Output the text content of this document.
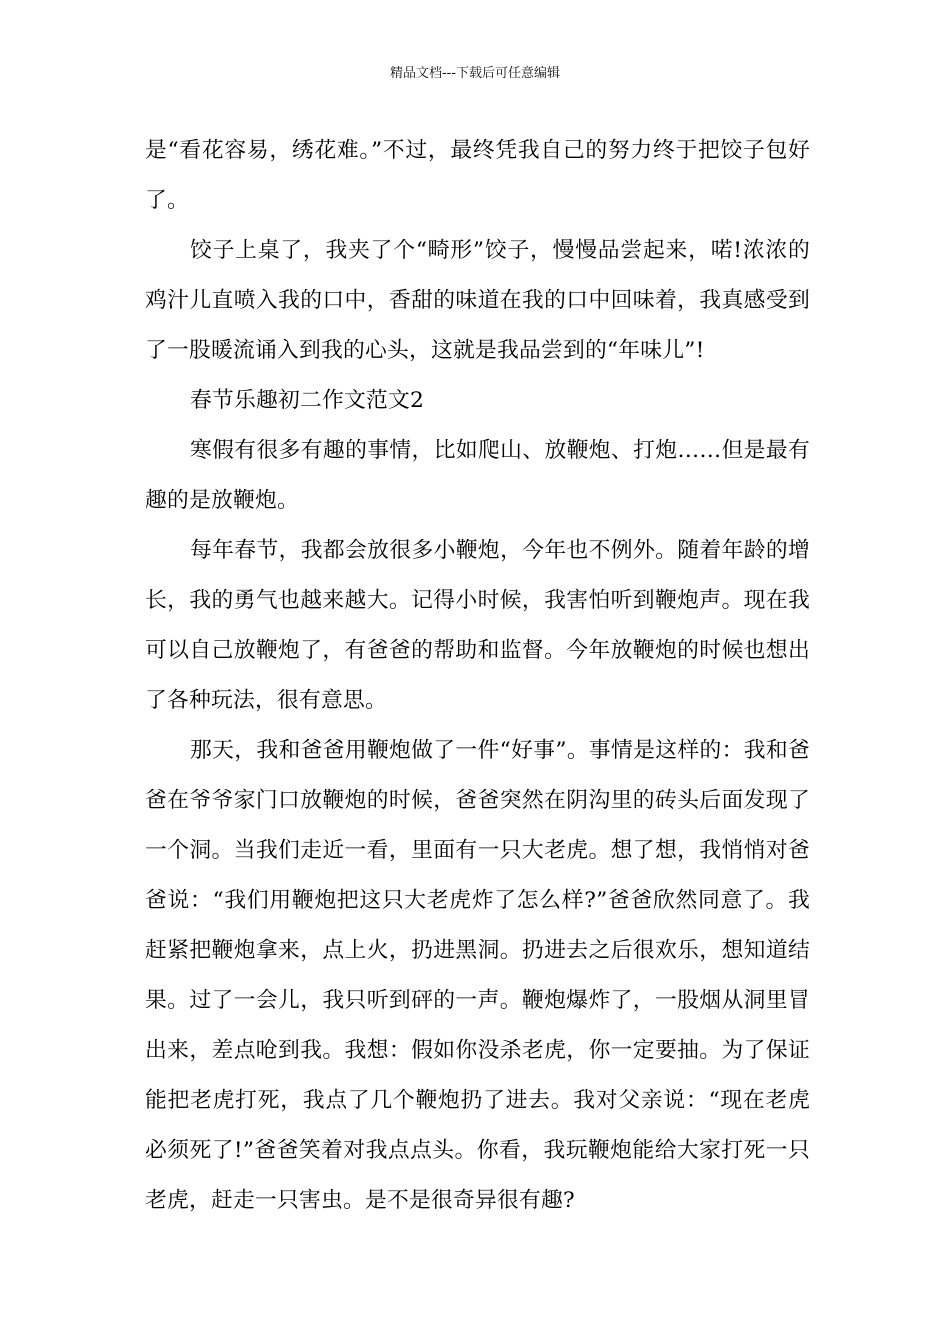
精品文档---下载后可任意编辑

是“看花容易，绣花难。”不过，最终凭我自己的努力终于把饺子包好了。

饺子上桌了，我夹了个“畸形”饺子，慢慢品尝起来，喏!浓浓的鸡汁儿直喷入我的口中，香甜的味道在我的口中回味着，我真感受到了一股暖流诵入到我的心头，这就是我品尝到的“年味儿”!

春节乐趣初二作文范文2

寒假有很多有趣的事情，比如爬山、放鞭炮、打炮……但是最有趣的是放鞭炮。

每年春节，我都会放很多小鞭炮，今年也不例外。随着年龄的增长，我的勇气也越来越大。记得小时候，我害怕听到鞭炮声。现在我可以自己放鞭炮了，有爸爸的帮助和监督。今年放鞭炮的时候也想出了各种玩法，很有意思。

那天，我和爸爸用鞭炮做了一件“好事”。事情是这样的：我和爸爸在爷爷家门口放鞭炮的时候，爸爸突然在阴沟里的砖头后面发现了一个洞。当我们走近一看，里面有一只大老虎。想了想，我悄悄对爸爸说：“我们用鞭炮把这只大老虎炸了怎么样?”爸爸欣然同意了。我赶紧把鞭炮拿来，点上火，扔进黑洞。扔进去之后很欢乐，想知道结果。过了一会儿，我只听到砰的一声。鞭炮爆炸了，一股烟从洞里冒出来，差点呛到我。我想：假如你没杀老虎，你一定要抽。为了保证能把老虎打死，我点了几个鞭炮扔了进去。我对父亲说：“现在老虎必须死了!”爸爸笑着对我点点头。你看，我玩鞭炮能给大家打死一只老虎，赶走一只害虫。是不是很奇异很有趣?
